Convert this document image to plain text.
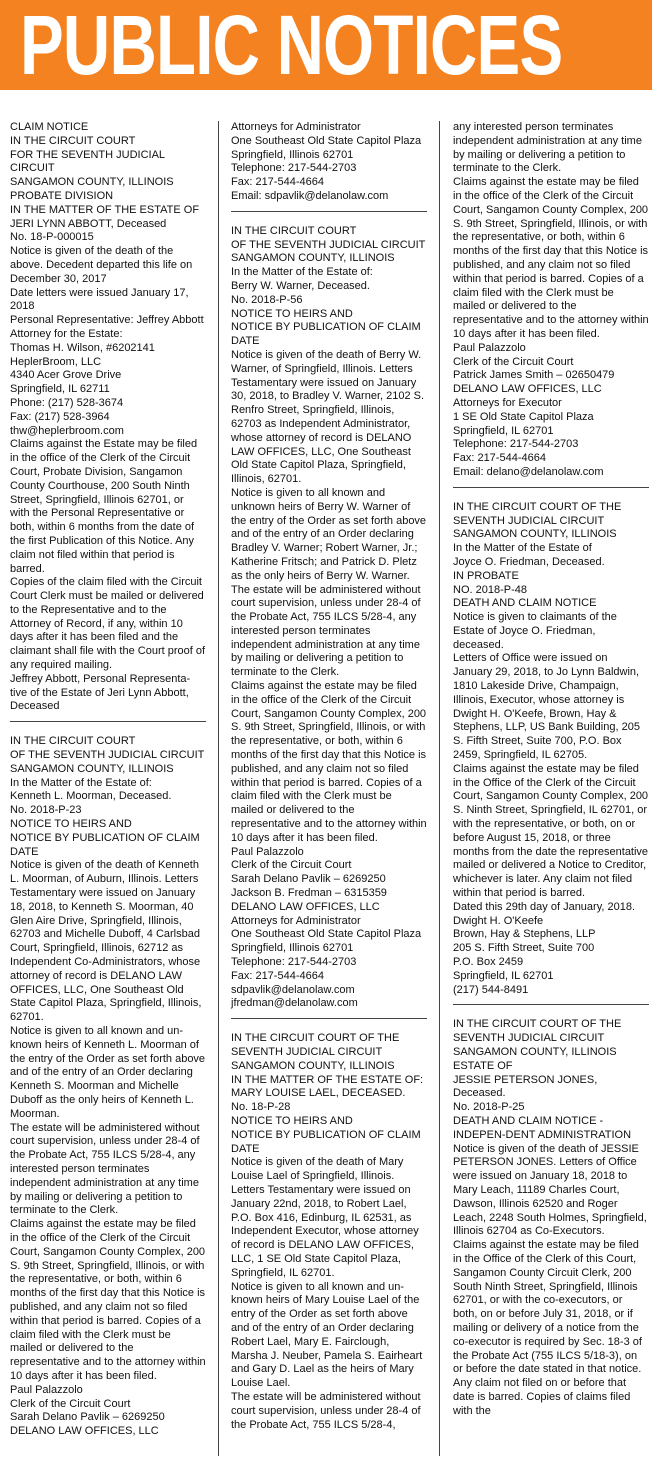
PUBLIC NOTICES

CLAIM NOTICE

IN THE CIRCUIT COURT

FOR THE SEVENTH JUDICIAL CIRCUIT

SANGAMON COUNTY, ILLINOIS

PROBATE DIVISION

IN THE MATTER OF THE ESTATE OF JERI LYNN ABBOTT, Deceased

No. 18-P-000015

Notice is given of the death of the above. Decedent departed this life on December 30, 2017

Date letters were issued January 17, 2018

Personal Representative: Jeffrey Abbott

Attorney for the Estate:

Thomas H. Wilson, #6202141

HeplerBroom, LLC

4340 Acer Grove Drive

Springfield, IL 62711

Phone: (217) 528-3674

Fax: (217) 528-3964

thw@heplerbroom.com

Claims against the Estate may be filed in the office of the Clerk of the Circuit Court, Probate Division, Sangamon County Courthouse, 200 South Ninth Street, Springfield, Illinois 62701, or with the Personal Representative or both, within 6 months from the date of the first Publication of this Notice. Any claim not filed within that period is barred.

Copies of the claim filed with the Circuit Court Clerk must be mailed or delivered to the Representative and to the Attorney of Record, if any, within 10 days after it has been filed and the claimant shall file with the Court proof of any required mailing.

Jeffrey Abbott, Personal Representa-tive of the Estate of Jeri Lynn Abbott, Deceased

IN THE CIRCUIT COURT

OF THE SEVENTH JUDICIAL CIRCUIT

SANGAMON COUNTY, ILLINOIS

In the Matter of the Estate of:

Kenneth L. Moorman, Deceased.

No. 2018-P-23

NOTICE TO HEIRS AND

NOTICE BY PUBLICATION OF CLAIM DATE

Notice is given of the death of Kenneth L. Moorman, of Auburn, Illinois. Letters Testamentary were issued on January 18, 2018, to Kenneth S. Moorman, 40 Glen Aire Drive, Springfield, Illinois, 62703 and Michelle Duboff, 4 Carlsbad Court, Springfield, Illinois, 62712 as Independent Co-Administrators, whose attorney of record is DELANO LAW OFFICES, LLC, One Southeast Old State Capitol Plaza, Springfield, Illinois, 62701.

Notice is given to all known and un-known heirs of Kenneth L. Moorman of the entry of the Order as set forth above and of the entry of an Order declaring Kenneth S. Moorman and Michelle Duboff as the only heirs of Kenneth L. Moorman.

The estate will be administered without court supervision, unless under 28-4 of the Probate Act, 755 ILCS 5/28-4, any interested person terminates independent administration at any time by mailing or delivering a petition to terminate to the Clerk.

Claims against the estate may be filed in the office of the Clerk of the Circuit Court, Sangamon County Complex, 200 S. 9th Street, Springfield, Illinois, or with the representative, or both, within 6 months of the first day that this Notice is published, and any claim not so filed within that period is barred. Copies of a claim filed with the Clerk must be mailed or delivered to the representative and to the attorney within 10 days after it has been filed.

Paul Palazzolo

Clerk of the Circuit Court

Sarah Delano Pavlik – 6269250

DELANO LAW OFFICES, LLC

Attorneys for Administrator

One Southeast Old State Capitol Plaza

Springfield, Illinois 62701

Telephone: 217-544-2703

Fax: 217-544-4664

Email: sdpavlik@delanolaw.com

IN THE CIRCUIT COURT

OF THE SEVENTH JUDICIAL CIRCUIT

SANGAMON COUNTY, ILLINOIS

In the Matter of the Estate of:

Berry W. Warner, Deceased.

No. 2018-P-56

NOTICE TO HEIRS AND

NOTICE BY PUBLICATION OF CLAIM DATE

Notice is given of the death of Berry W. Warner, of Springfield, Illinois. Letters Testamentary were issued on January 30, 2018, to Bradley V. Warner, 2102 S. Renfro Street, Springfield, Illinois, 62703 as Independent Administrator, whose attorney of record is DELANO LAW OFFICES, LLC, One Southeast Old State Capitol Plaza, Springfield, Illinois, 62701.

Notice is given to all known and unknown heirs of Berry W. Warner of the entry of the Order as set forth above and of the entry of an Order declaring Bradley V. Warner; Robert Warner, Jr.; Katherine Fritsch; and Patrick D. Pletz as the only heirs of Berry W. Warner.

The estate will be administered without court supervision, unless under 28-4 of the Probate Act, 755 ILCS 5/28-4, any interested person terminates independent administration at any time by mailing or delivering a petition to terminate to the Clerk.

Claims against the estate may be filed in the office of the Clerk of the Circuit Court, Sangamon County Complex, 200 S. 9th Street, Springfield, Illinois, or with the representative, or both, within 6 months of the first day that this Notice is published, and any claim not so filed within that period is barred. Copies of a claim filed with the Clerk must be mailed or delivered to the representative and to the attorney within 10 days after it has been filed.

Paul Palazzolo

Clerk of the Circuit Court

Sarah Delano Pavlik – 6269250

Jackson B. Fredman – 6315359

DELANO LAW OFFICES, LLC

Attorneys for Administrator

One Southeast Old State Capitol Plaza

Springfield, Illinois 62701

Telephone: 217-544-2703

Fax: 217-544-4664

sdpavlik@delanolaw.com

jfredman@delanolaw.com

IN THE CIRCUIT COURT OF THE SEVENTH JUDICIAL CIRCUIT

SANGAMON COUNTY, ILLINOIS

IN THE MATTER OF THE ESTATE OF:

MARY LOUISE LAEL, DECEASED.

No. 18-P-28

NOTICE TO HEIRS AND

NOTICE BY PUBLICATION OF CLAIM DATE

Notice is given of the death of Mary Louise Lael of Springfield, Illinois.

Letters Testamentary were issued on January 22nd, 2018, to Robert Lael, P.O. Box 416, Edinburg, IL 62531, as Independent Executor, whose attorney of record is DELANO LAW OFFICES, LLC, 1 SE Old State Capitol Plaza, Springfield, IL 62701.

Notice is given to all known and un-known heirs of Mary Louise Lael of the entry of the Order as set forth above and of the entry of an Order declaring Robert Lael, Mary E. Fairclough, Marsha J. Neuber, Pamela S. Eairheart and Gary D. Lael as the heirs of Mary Louise Lael.

The estate will be administered without court supervision, unless under 28-4 of the Probate Act, 755 ILCS 5/28-4,

any interested person terminates independent administration at any time by mailing or delivering a petition to terminate to the Clerk.

Claims against the estate may be filed in the office of the Clerk of the Circuit Court, Sangamon County Complex, 200 S. 9th Street, Springfield, Illinois, or with the representative, or both, within 6 months of the first day that this Notice is published, and any claim not so filed within that period is barred. Copies of a claim filed with the Clerk must be mailed or delivered to the representative and to the attorney within 10 days after it has been filed.

Paul Palazzolo

Clerk of the Circuit Court

Patrick James Smith – 02650479

DELANO LAW OFFICES, LLC

Attorneys for Executor

1 SE Old State Capitol Plaza

Springfield, IL 62701

Telephone: 217-544-2703

Fax: 217-544-4664

Email: delano@delanolaw.com

IN THE CIRCUIT COURT OF THE SEVENTH JUDICIAL CIRCUIT

SANGAMON COUNTY, ILLINOIS

In the Matter of the Estate of

Joyce O. Friedman, Deceased.

IN PROBATE

NO. 2018-P-48

DEATH AND CLAIM NOTICE

Notice is given to claimants of the Estate of Joyce O. Friedman, deceased.

Letters of Office were issued on January 29, 2018, to Jo Lynn Baldwin, 1810 Lakeside Drive, Champaign, Illinois, Executor, whose attorney is Dwight H. O'Keefe, Brown, Hay & Stephens, LLP, US Bank Building, 205 S. Fifth Street, Suite 700, P.O. Box 2459, Springfield, IL 62705.

Claims against the estate may be filed in the Office of the Clerk of the Circuit Court, Sangamon County Complex, 200 S. Ninth Street, Springfield, IL 62701, or with the representative, or both, on or before August 15, 2018, or three months from the date the representative mailed or delivered a Notice to Creditor, whichever is later. Any claim not filed within that period is barred.

Dated this 29th day of January, 2018.

Dwight H. O'Keefe

Brown, Hay & Stephens, LLP

205 S. Fifth Street, Suite 700

P.O. Box 2459

Springfield, IL 62701

(217) 544-8491

IN THE CIRCUIT COURT OF THE SEVENTH JUDICIAL CIRCUIT SANGAMON COUNTY, ILLINOIS

ESTATE OF

JESSIE PETERSON JONES, Deceased.

No. 2018-P-25

DEATH AND CLAIM NOTICE - INDEPEN-DENT ADMINISTRATION

Notice is given of the death of JESSIE PETERSON JONES. Letters of Office were issued on January 18, 2018 to Mary Leach, 11189 Charles Court, Dawson, Illinois 62520 and Roger Leach, 2248 South Holmes, Springfield, Illinois 62704 as Co-Executors.

Claims against the estate may be filed in the Office of the Clerk of this Court, Sangamon County Circuit Clerk, 200 South Ninth Street, Springfield, Illinois 62701, or with the co-executors, or both, on or before July 31, 2018, or if mailing or delivery of a notice from the co-executor is required by Sec. 18-3 of the Probate Act (755 ILCS 5/18-3), on or before the date stated in that notice. Any claim not filed on or before that date is barred. Copies of claims filed with the
